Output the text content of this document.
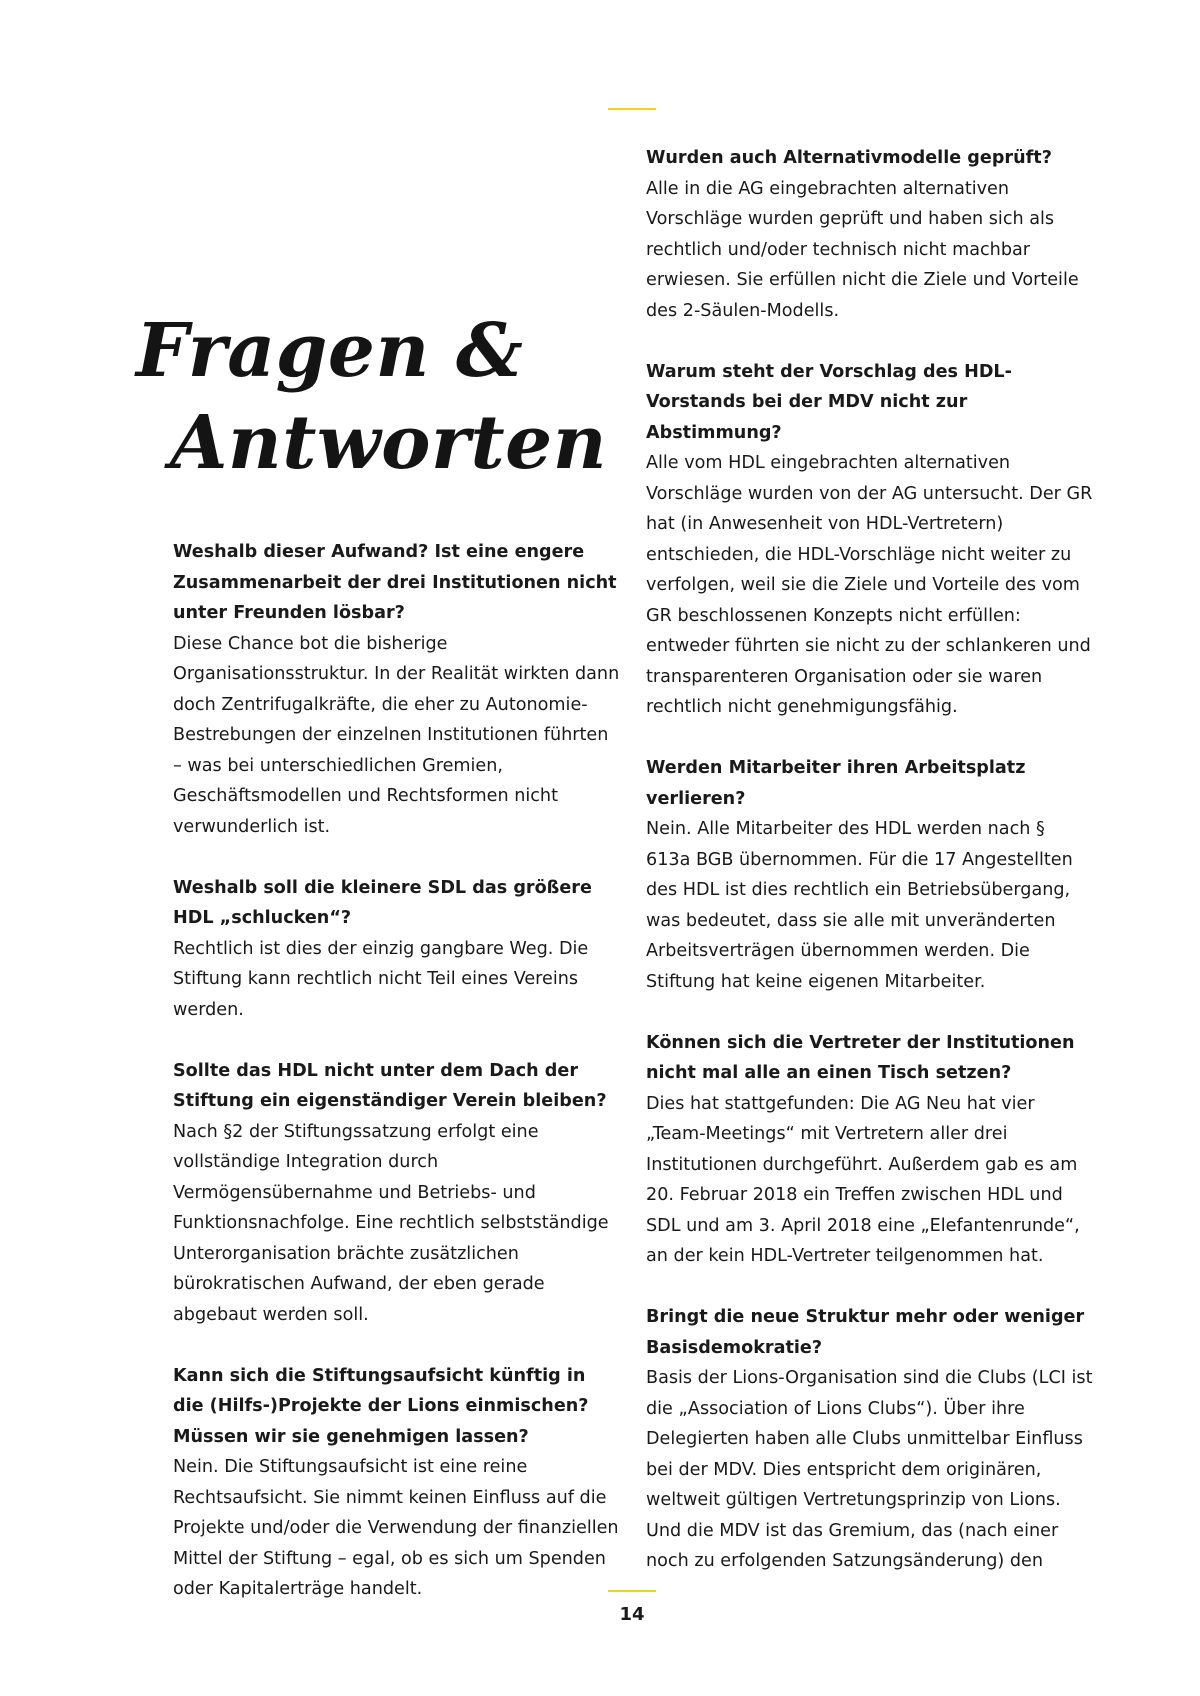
Fragen &
Antworten

Weshalb dieser Aufwand? Ist eine engere Zusammenarbeit der drei Institutionen nicht unter Freunden lösbar?

Diese Chance bot die bisherige Organisationsstruktur. In der Realität wirkten dann doch Zentrifugalkräfte, die eher zu Autonomie-Bestrebungen der einzelnen Institutionen führten – was bei unterschiedlichen Gremien, Geschäftsmodellen und Rechtsformen nicht verwunderlich ist.

Weshalb soll die kleinere SDL das größere HDL „schlucken“?

Rechtlich ist dies der einzig gangbare Weg. Die Stiftung kann rechtlich nicht Teil eines Vereins werden.

Sollte das HDL nicht unter dem Dach der Stiftung ein eigenständiger Verein bleiben?

Nach §2 der Stiftungssatzung erfolgt eine vollständige Integration durch Vermögensübernahme und Betriebs- und Funktionsnachfolge. Eine rechtlich selbstständige Unterorganisation brächte zusätzlichen bürokratischen Aufwand, der eben gerade abgebaut werden soll.

Kann sich die Stiftungsaufsicht künftig in die (Hilfs-)Projekte der Lions einmischen? Müssen wir sie genehmigen lassen?

Nein. Die Stiftungsaufsicht ist eine reine Rechtsaufsicht. Sie nimmt keinen Einfluss auf die Projekte und/oder die Verwendung der finanziellen Mittel der Stiftung – egal, ob es sich um Spenden oder Kapitalerträge handelt.

Wurden auch Alternativmodelle geprüft?

Alle in die AG eingebrachten alternativen Vorschläge wurden geprüft und haben sich als rechtlich und/oder technisch nicht machbar erwiesen. Sie erfüllen nicht die Ziele und Vorteile des 2-Säulen-Modells.

Warum steht der Vorschlag des HDL-Vorstands bei der MDV nicht zur Abstimmung?

Alle vom HDL eingebrachten alternativen Vorschläge wurden von der AG untersucht. Der GR hat (in Anwesenheit von HDL-Vertretern) entschieden, die HDL-Vorschläge nicht weiter zu verfolgen, weil sie die Ziele und Vorteile des vom GR beschlossenen Konzepts nicht erfüllen: entweder führten sie nicht zu der schlankeren und transparenteren Organisation oder sie waren rechtlich nicht genehmigungsfähig.

Werden Mitarbeiter ihren Arbeitsplatz verlieren?

Nein. Alle Mitarbeiter des HDL werden nach § 613a BGB übernommen. Für die 17 Angestellten des HDL ist dies rechtlich ein Betriebsübergang, was bedeutet, dass sie alle mit unveränderten Arbeitsverträgen übernommen werden. Die Stiftung hat keine eigenen Mitarbeiter.

Können sich die Vertreter der Institutionen nicht mal alle an einen Tisch setzen?

Dies hat stattgefunden: Die AG Neu hat vier „Team-Meetings“ mit Vertretern aller drei Institutionen durchgeführt. Außerdem gab es am 20. Februar 2018 ein Treffen zwischen HDL und SDL und am 3. April 2018 eine „Elefantenrunde“, an der kein HDL-Vertreter teilgenommen hat.

Bringt die neue Struktur mehr oder weniger Basisdemokratie?

Basis der Lions-Organisation sind die Clubs (LCI ist die „Association of Lions Clubs“). Über ihre Delegierten haben alle Clubs unmittelbar Einfluss bei der MDV. Dies entspricht dem originären, weltweit gültigen Vertretungsprinzip von Lions. Und die MDV ist das Gremium, das (nach einer noch zu erfolgenden Satzungsänderung) den

14
